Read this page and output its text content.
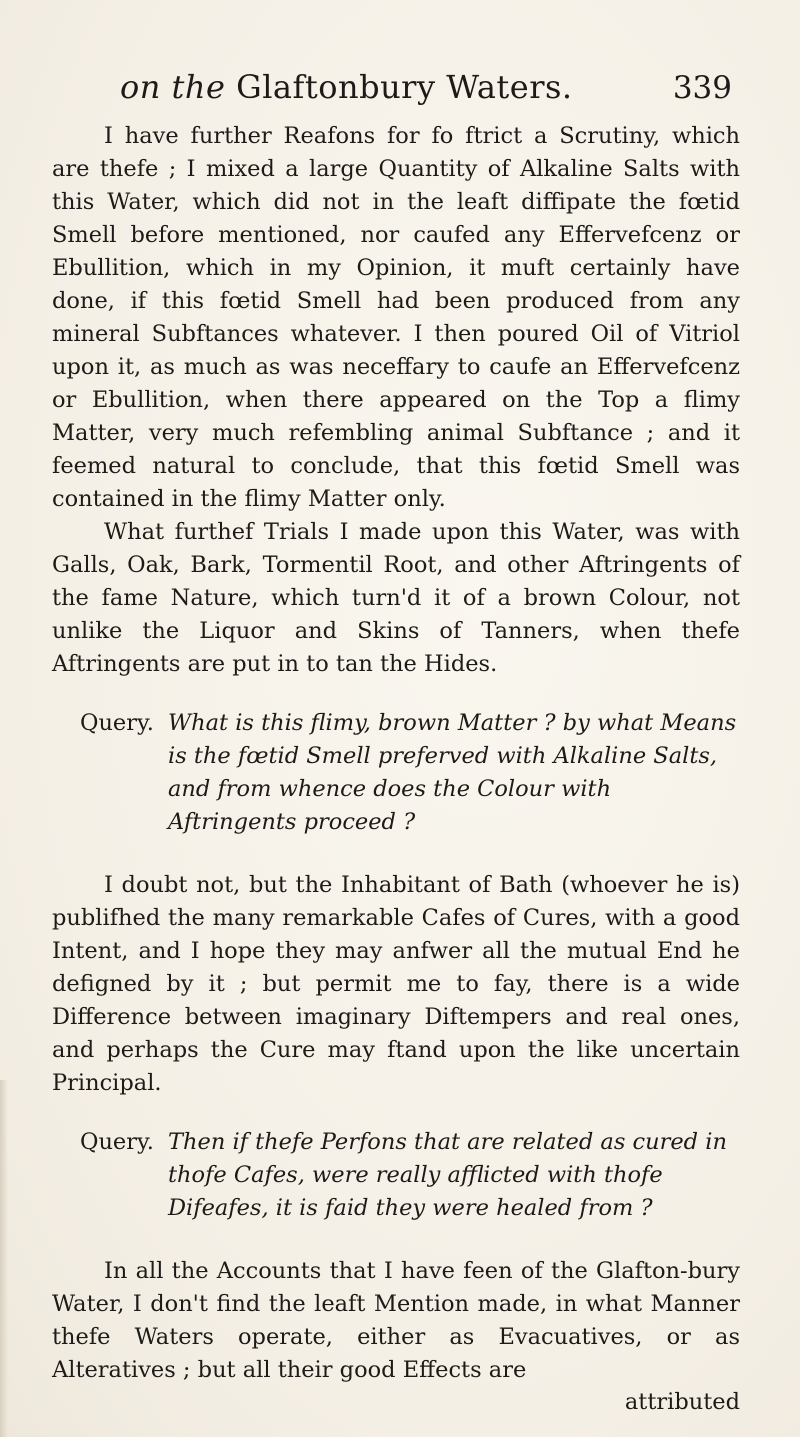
on the Glaftonbury Waters.	339

I have further Reafons for fo ftrict a Scrutiny, which are thefe ; I mixed a large Quantity of Alkaline Salts with this Water, which did not in the leaft diffipate the fœtid Smell before mentioned, nor caufed any Effervefcenz or Ebullition, which in my Opinion, it muft certainly have done, if this fœtid Smell had been produced from any mineral Subftances whatever. I then poured Oil of Vitriol upon it, as much as was neceffary to caufe an Effervefcenz or Ebullition, when there appeared on the Top a flimy Matter, very much refembling animal Subftance ; and it feemed natural to conclude, that this fœtid Smell was contained in the flimy Matter only.

What furthef Trials I made upon this Water, was with Galls, Oak, Bark, Tormentil Root, and other Aftringents of the fame Nature, which turn'd it of a brown Colour, not unlike the Liquor and Skins of Tanners, when thefe Aftringents are put in to tan the Hides.

Query. What is this flimy, brown Matter ? by what Means is the fœtid Smell preferved with Alkaline Salts, and from whence does the Colour with Aftringents proceed ?

I doubt not, but the Inhabitant of Bath (whoever he is) publifhed the many remarkable Cafes of Cures, with a good Intent, and I hope they may anfwer all the mutual End he defigned by it ; but permit me to fay, there is a wide Difference between imaginary Diftempers and real ones, and perhaps the Cure may ftand upon the like uncertain Principal.

Query. Then if thefe Perfons that are related as cured in thofe Cafes, were really afflicted with thofe Difeafes, it is faid they were healed from ?

In all the Accounts that I have feen of the Glafton-bury Water, I don't find the leaft Mention made, in what Manner thefe Waters operate, either as Evacuatives, or as Alteratives ; but all their good Effects are

attributed
